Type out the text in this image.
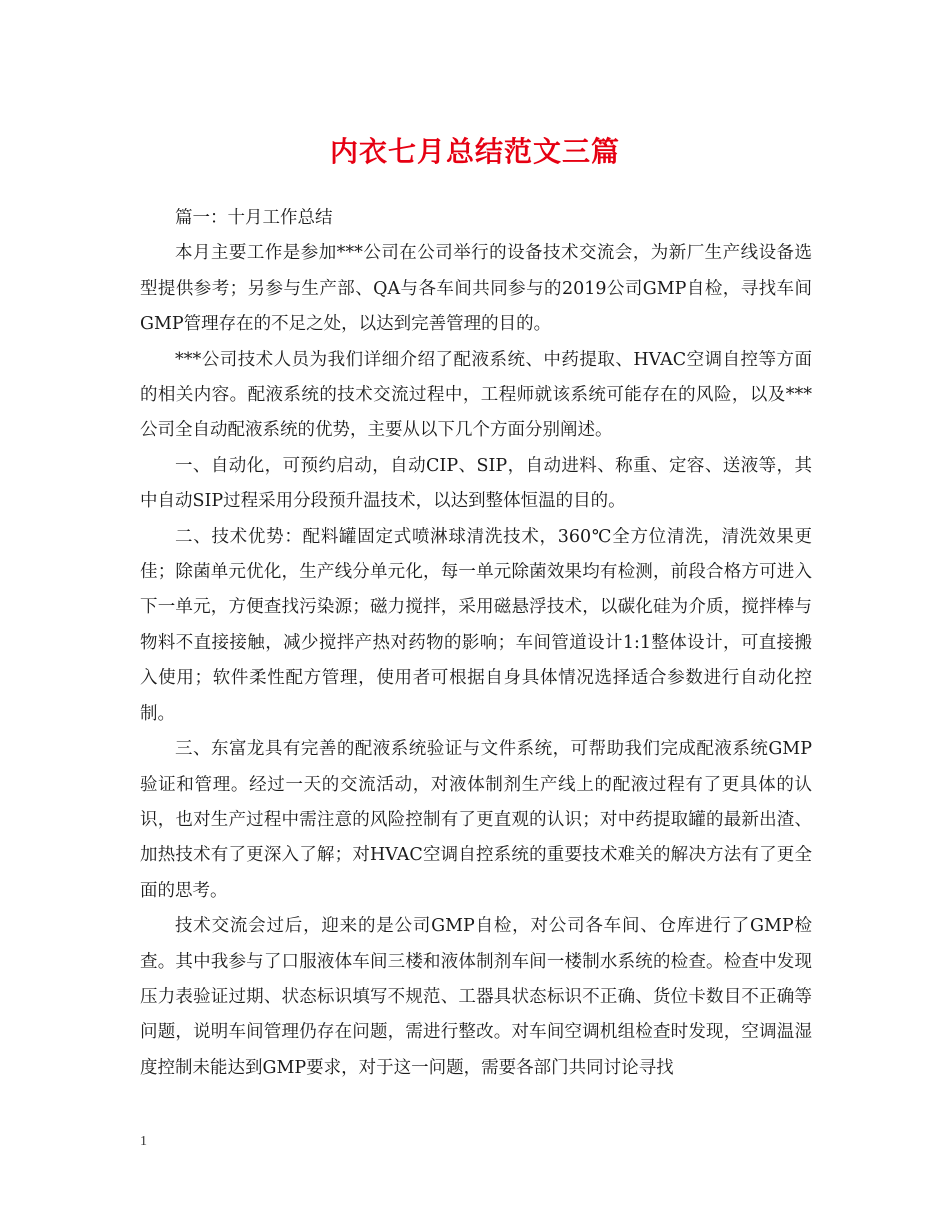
内衣七月总结范文三篇

篇一：十月工作总结

本月主要工作是参加***公司在公司举行的设备技术交流会，为新厂生产线设备选型提供参考；另参与生产部、QA与各车间共同参与的2019公司GMP自检，寻找车间GMP管理存在的不足之处，以达到完善管理的目的。

***公司技术人员为我们详细介绍了配液系统、中药提取、HVAC空调自控等方面的相关内容。配液系统的技术交流过程中，工程师就该系统可能存在的风险，以及***公司全自动配液系统的优势，主要从以下几个方面分别阐述。

一、自动化，可预约启动，自动CIP、SIP，自动进料、称重、定容、送液等，其中自动SIP过程采用分段预升温技术，以达到整体恒温的目的。

二、技术优势：配料罐固定式喷淋球清洗技术，360℃全方位清洗，清洗效果更佳；除菌单元优化，生产线分单元化，每一单元除菌效果均有检测，前段合格方可进入下一单元，方便查找污染源；磁力搅拌，采用磁悬浮技术，以碳化硅为介质，搅拌棒与物料不直接接触，减少搅拌产热对药物的影响；车间管道设计1:1整体设计，可直接搬入使用；软件柔性配方管理，使用者可根据自身具体情况选择适合参数进行自动化控制。

三、东富龙具有完善的配液系统验证与文件系统，可帮助我们完成配液系统GMP验证和管理。经过一天的交流活动，对液体制剂生产线上的配液过程有了更具体的认识，也对生产过程中需注意的风险控制有了更直观的认识；对中药提取罐的最新出渣、加热技术有了更深入了解；对HVAC空调自控系统的重要技术难关的解决方法有了更全面的思考。

技术交流会过后，迎来的是公司GMP自检，对公司各车间、仓库进行了GMP检查。其中我参与了口服液体车间三楼和液体制剂车间一楼制水系统的检查。检查中发现压力表验证过期、状态标识填写不规范、工器具状态标识不正确、货位卡数目不正确等问题，说明车间管理仍存在问题，需进行整改。对车间空调机组检查时发现，空调温湿度控制未能达到GMP要求，对于这一问题，需要各部门共同讨论寻找

1
